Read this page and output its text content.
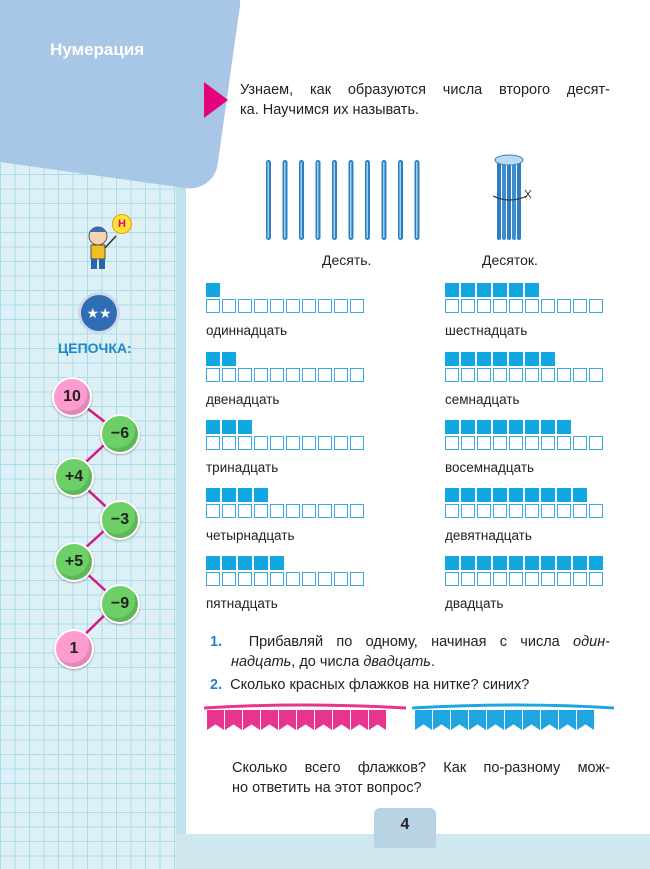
Нумерация
Н
★★
ЦЕПОЧКА:
10
−6
+4
−3
+5
−9
1
Узнаем, как образуются числа второго десят-
ка. Научимся их называть.
Десять.	Десяток.
одиннадцать
двенадцать
тринадцать
четырнадцать
пятнадцать
шестнадцать
семнадцать
восемнадцать
девятнадцать
двадцать
1. Прибавляй по одному, начиная с числа один-
надцать, до числа двадцать.
2. Сколько красных флажков на нитке? синих?
Сколько всего флажков? Как по-разному мож-
но ответить на этот вопрос?
4
